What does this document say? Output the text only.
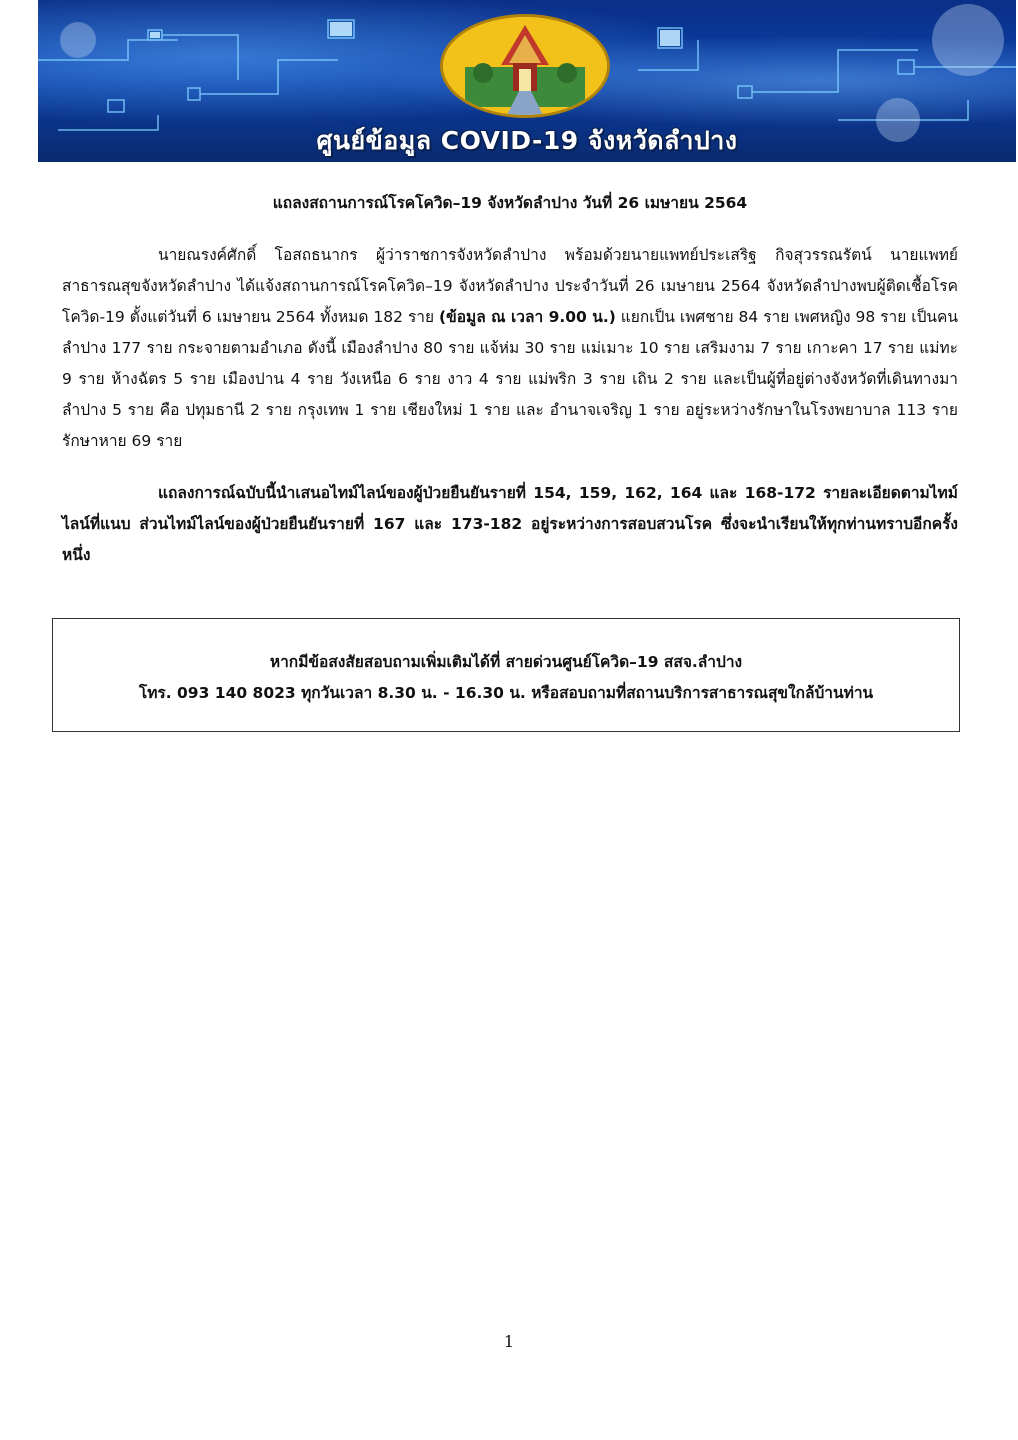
ศูนย์ข้อมูล COVID-19 จังหวัดลำปาง
แถลงสถานการณ์โรคโควิด–19 จังหวัดลำปาง วันที่ 26 เมษายน 2564

นายณรงค์ศักดิ์ โอสถธนากร ผู้ว่าราชการจังหวัดลำปาง พร้อมด้วยนายแพทย์ประเสริฐ กิจสุวรรณรัตน์ นายแพทย์สาธารณสุขจังหวัดลำปาง ได้แจ้งสถานการณ์โรคโควิด–19 จังหวัดลำปาง ประจำวันที่ 26 เมษายน 2564 จังหวัดลำปางพบผู้ติดเชื้อโรคโควิด-19 ตั้งแต่วันที่ 6 เมษายน 2564 ทั้งหมด 182 ราย (ข้อมูล ณ เวลา 9.00 น.) แยกเป็น เพศชาย 84 ราย เพศหญิง 98 ราย เป็นคนลำปาง 177 ราย กระจายตามอำเภอ ดังนี้ เมืองลำปาง 80 ราย แจ้ห่ม 30 ราย แม่เมาะ 10 ราย เสริมงาม 7 ราย เกาะคา 17 ราย แม่ทะ 9 ราย ห้างฉัตร 5 ราย เมืองปาน 4 ราย วังเหนือ 6 ราย งาว 4 ราย แม่พริก 3 ราย เถิน 2 ราย และเป็นผู้ที่อยู่ต่างจังหวัดที่เดินทางมาลำปาง 5 ราย คือ ปทุมธานี 2 ราย กรุงเทพ 1 ราย เชียงใหม่ 1 ราย และ อำนาจเจริญ 1 ราย อยู่ระหว่างรักษาในโรงพยาบาล 113 ราย รักษาหาย 69 ราย

แถลงการณ์ฉบับนี้นำเสนอไทม์ไลน์ของผู้ป่วยยืนยันรายที่ 154, 159, 162, 164 และ 168-172 รายละเอียดตามไทม์ไลน์ที่แนบ ส่วนไทม์ไลน์ของผู้ป่วยยืนยันรายที่ 167 และ 173-182 อยู่ระหว่างการสอบสวนโรค ซึ่งจะนำเรียนให้ทุกท่านทราบอีกครั้งหนึ่ง

หากมีข้อสงสัยสอบถามเพิ่มเติมได้ที่ สายด่วนศูนย์โควิด–19 สสจ.ลำปาง
โทร. 093 140 8023 ทุกวันเวลา 8.30 น. - 16.30 น. หรือสอบถามที่สถานบริการสาธารณสุขใกล้บ้านท่าน
1
